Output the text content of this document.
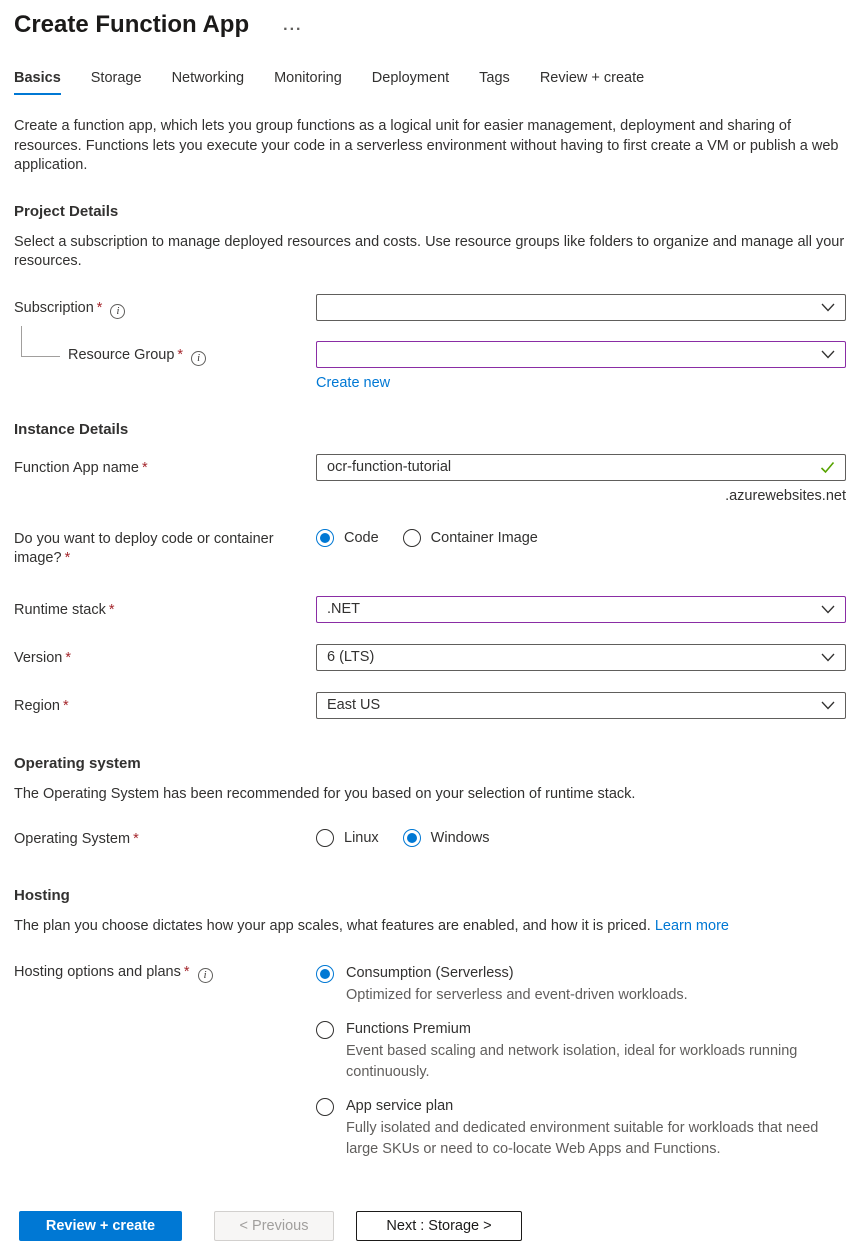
Create Function App ...
Basics Storage Networking Monitoring Deployment Tags Review + create

Create a function app, which lets you group functions as a logical unit for easier management, deployment and sharing of resources. Functions lets you execute your code in a serverless environment without having to first create a VM or publish a web application.

Project Details

Select a subscription to manage deployed resources and costs. Use resource groups like folders to organize and manage all your resources.

Subscription * i
Resource Group * i
Create new
Instance Details
Function App name *
ocr-function-tutorial
.azurewebsites.net
Do you want to deploy code or container image? *
Code	Container Image
Runtime stack *	.NET
Version *	6 (LTS)
Region *	East US
Operating system

The Operating System has been recommended for you based on your selection of runtime stack.

Operating System *	Linux	Windows
Hosting

The plan you choose dictates how your app scales, what features are enabled, and how it is priced. Learn more

Hosting options and plans * i	Consumption (Serverless)
Optimized for serverless and event-driven workloads.
Functions Premium
Event based scaling and network isolation, ideal for workloads running continuously.
App service plan
Fully isolated and dedicated environment suitable for workloads that need large SKUs or need to co-locate Web Apps and Functions.
Review + create	< Previous	Next : Storage >
